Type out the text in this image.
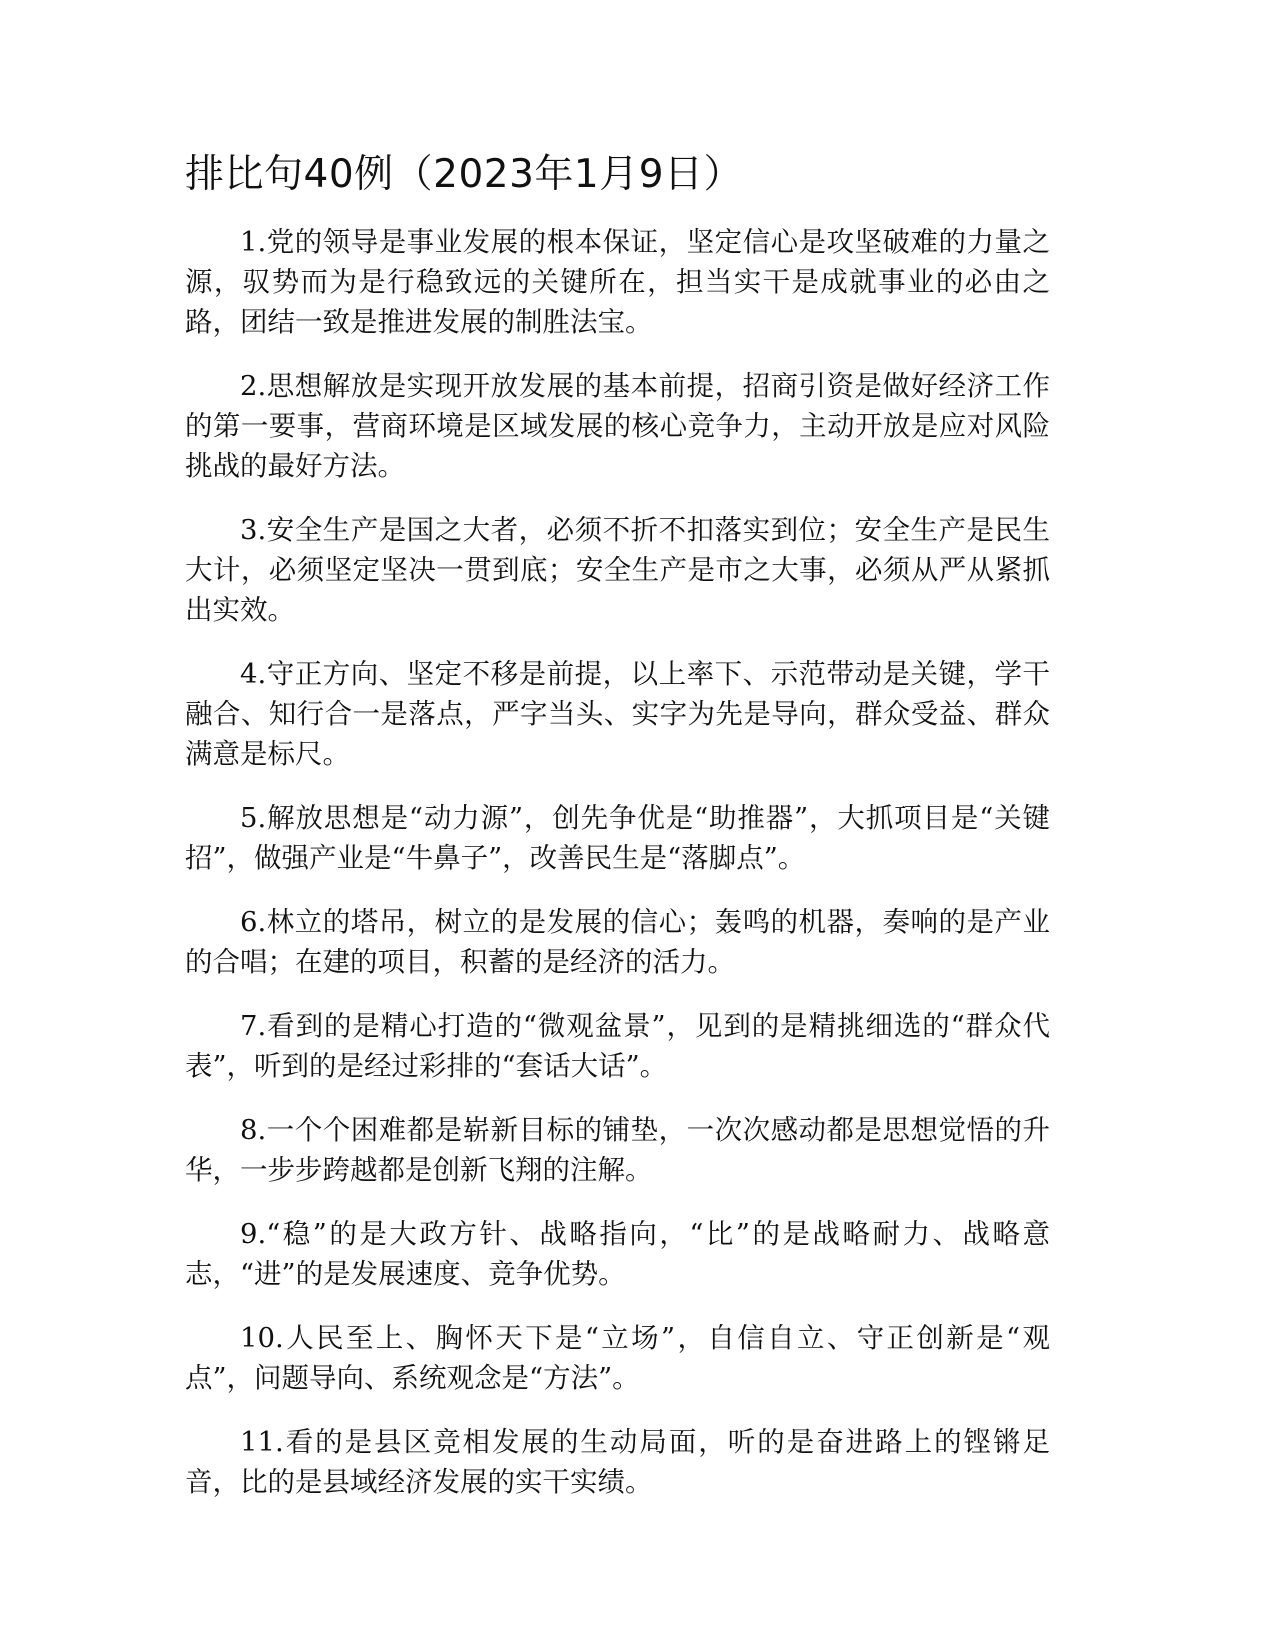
排比句40例（2023年1月9日）

1.党的领导是事业发展的根本保证，坚定信心是攻坚破难的力量之源，驭势而为是行稳致远的关键所在，担当实干是成就事业的必由之路，团结一致是推进发展的制胜法宝。

2.思想解放是实现开放发展的基本前提，招商引资是做好经济工作的第一要事，营商环境是区域发展的核心竞争力，主动开放是应对风险挑战的最好方法。

3.安全生产是国之大者，必须不折不扣落实到位；安全生产是民生大计，必须坚定坚决一贯到底；安全生产是市之大事，必须从严从紧抓出实效。

4.守正方向、坚定不移是前提，以上率下、示范带动是关键，学干融合、知行合一是落点，严字当头、实字为先是导向，群众受益、群众满意是标尺。

5.解放思想是“动力源”，创先争优是“助推器”，大抓项目是“关键招”，做强产业是“牛鼻子”，改善民生是“落脚点”。

6.林立的塔吊，树立的是发展的信心；轰鸣的机器，奏响的是产业的合唱；在建的项目，积蓄的是经济的活力。

7.看到的是精心打造的“微观盆景”，见到的是精挑细选的“群众代表”，听到的是经过彩排的“套话大话”。

8.一个个困难都是崭新目标的铺垫，一次次感动都是思想觉悟的升华，一步步跨越都是创新飞翔的注解。

9.“稳”的是大政方针、战略指向，“比”的是战略耐力、战略意志，“进”的是发展速度、竞争优势。

10.人民至上、胸怀天下是“立场”，自信自立、守正创新是“观点”，问题导向、系统观念是“方法”。

11.看的是县区竞相发展的生动局面，听的是奋进路上的铿锵足音，比的是县域经济发展的实干实绩。
